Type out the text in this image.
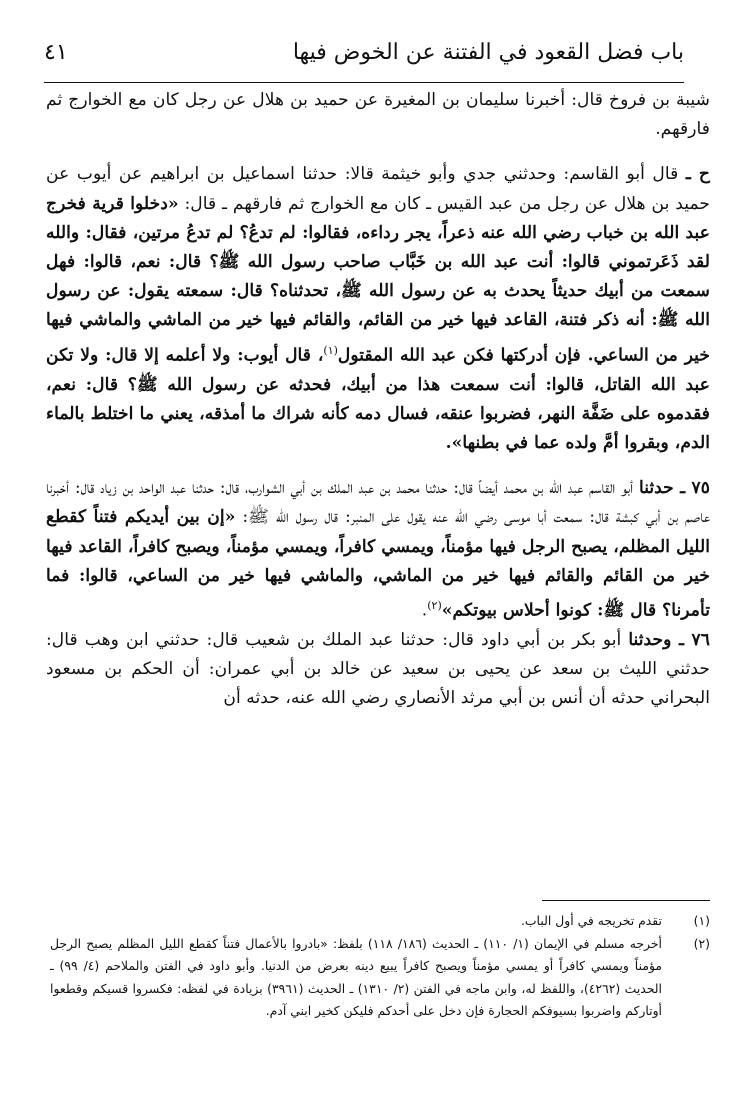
باب فضل القعود في الفتنة عن الخوض فيها
٤١

شيبة بن فروخ قال: أخبرنا سليمان بن المغيرة عن حميد بن هلال عن رجل كان مع الخوارج ثم فارقهم.

ح ـ قال أبو القاسم: وحدثني جدي وأبو خيثمة قالا: حدثنا اسماعيل بن ابراهيم عن أيوب عن حميد بن هلال عن رجل من عبد القيس ـ كان مع الخوارج ثم فارقهم ـ قال: «دخلوا قرية فخرج عبد الله بن خباب رضي الله عنه ذعراً، يجر رداءه، فقالوا: لم تدعُ؟ لم تدعُ مرتين، فقال: والله لقد ذَعَرتموني قالوا: أنت عبد الله بن خَبَّاب صاحب رسول الله ﷺ؟ قال: نعم، قالوا: فهل سمعت من أبيك حديثاً يحدث به عن رسول الله ﷺ، تحدثناه؟ قال: سمعته يقول: عن رسول الله ﷺ: أنه ذكر فتنة، القاعد فيها خير من القائم، والقائم فيها خير من الماشي والماشي فيها خير من الساعي. فإن أدركتها فكن عبد الله المقتول$^{(١)}$، قال أيوب: ولا أعلمه إلا قال: ولا تكن عبد الله القاتل، قالوا: أنت سمعت هذا من أبيك، فحدثه عن رسول الله ﷺ؟ قال: نعم، فقدموه على ضَفَّة النهر، فضربوا عنقه، فسال دمه كأنه شراك ما أمذقه، يعني ما اختلط بالماء الدم، وبقروا أمَّ ولده عما في بطنها».

٧٥ ـ حدثنا أبو القاسم عبد الله بن محمد أيضاً قال: حدثنا محمد بن عبد الملك بن أبي الشوارب، قال: حدثنا عبد الواحد بن زياد قال: أخبرنا عاصم بن أبي كبشة قال: سمعت أبا موسى رضي الله عنه يقول على المنبر: قال رسول الله ﷺ: «إن بين أيديكم فتناً كقطع الليل المظلم، يصبح الرجل فيها مؤمناً، ويمسي كافراً، ويمسي مؤمناً، ويصبح كافراً، القاعد فيها خير من القائم والقائم فيها خير من الماشي، والماشي فيها خير من الساعي، قالوا: فما تأمرنا؟ قال ﷺ: كونوا أحلاس بيوتكم»$^{(٢)}$.

٧٦ ـ وحدثنا أبو بكر بن أبي داود قال: حدثنا عبد الملك بن شعيب قال: حدثني ابن وهب قال: حدثني الليث بن سعد عن يحيى بن سعيد عن خالد بن أبي عمران: أن الحكم بن مسعود البحراني حدثه أن أنس بن أبي مرثد الأنصاري رضي الله عنه، حدثه أن

(١)
تقدم تخريجه في أول الباب.
(٢)
أخرجه مسلم في الإيمان (١/ ١١٠) ـ الحديث (١٨٦/ ١١٨) بلفظ: «بادروا بالأعمال فتناً كقطع الليل المظلم يصبح الرجل مؤمناً ويمسي كافراً أو يمسي مؤمناً ويصبح كافراً يبيع دينه بعرض من الدنيا. وأبو داود في الفتن والملاحم (٤/ ٩٩) ـ الحديث (٤٢٦٢)، واللفظ له، وابن ماجه في الفتن (٢/ ١٣١٠) ـ الحديث (٣٩٦١) بزيادة في لفظه: فكسروا قسيكم وقطعوا أوتاركم واضربوا بسيوفكم الحجارة فإن دخل على أحدكم فليكن كخير ابني آدم.
